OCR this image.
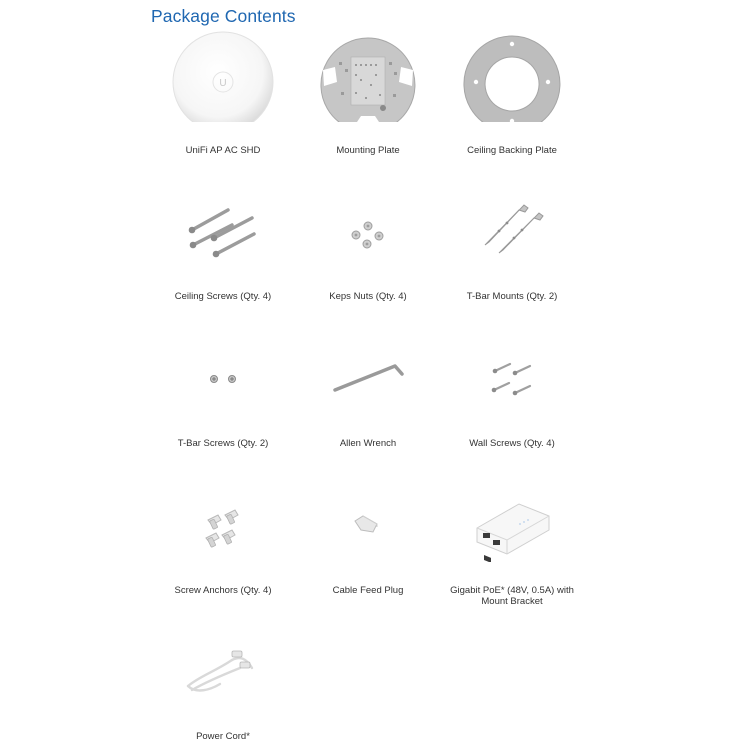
Package Contents
U
UniFi AP AC SHD	Mounting Plate	Ceiling Backing Plate
Ceiling Screws (Qty. 4)	Keps Nuts (Qty. 4)	T-Bar Mounts (Qty. 2)
T-Bar Screws (Qty. 2)	Allen Wrench	Wall Screws (Qty. 4)
Screw Anchors (Qty. 4)	Cable Feed Plug	Gigabit PoE* (48V, 0.5A) with Mount Bracket
Power Cord*
